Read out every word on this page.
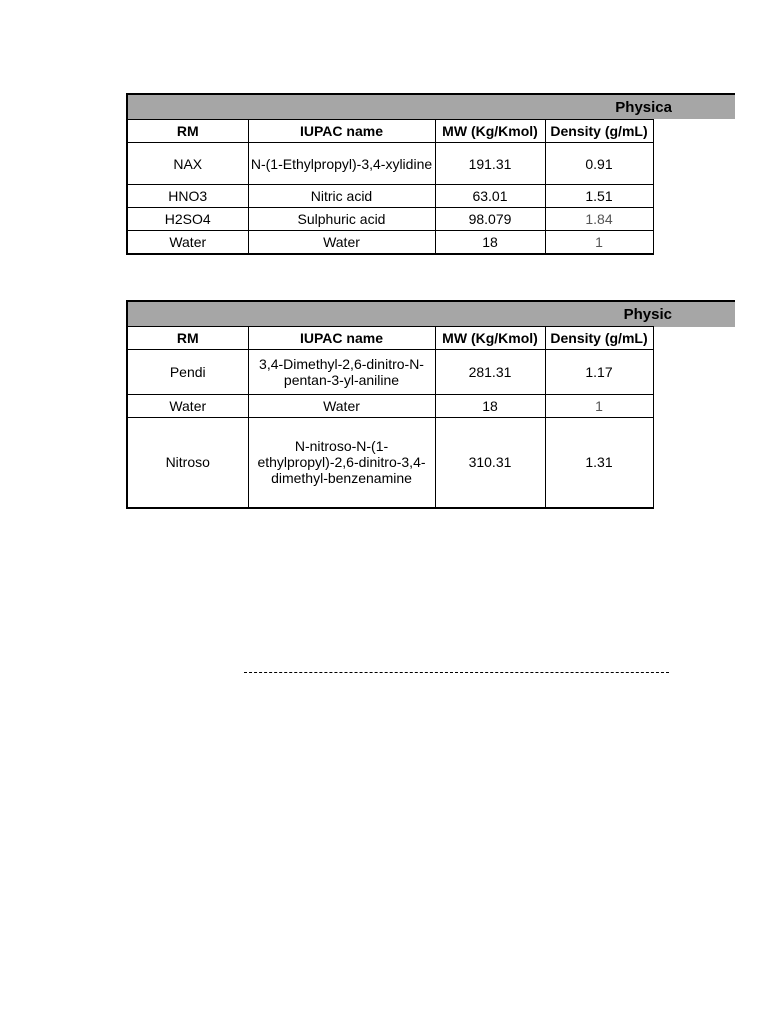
Physica
RM	IUPAC name	MW (Kg/Kmol)	Density (g/mL)
NAX	N-(1-Ethylpropyl)-3,4-xylidine	191.31	0.91
HNO3	Nitric acid	63.01	1.51
H2SO4	Sulphuric acid	98.079	1.84
Water	Water	18	1
Physic
RM	IUPAC name	MW (Kg/Kmol)	Density (g/mL)
Pendi	3,4-Dimethyl-2,6-dinitro-N-pentan-3-yl-aniline	281.31	1.17
Water	Water	18	1
Nitroso	N-nitroso-N-(1-ethylpropyl)-2,6-dinitro-3,4-dimethyl-benzenamine	310.31	1.31
